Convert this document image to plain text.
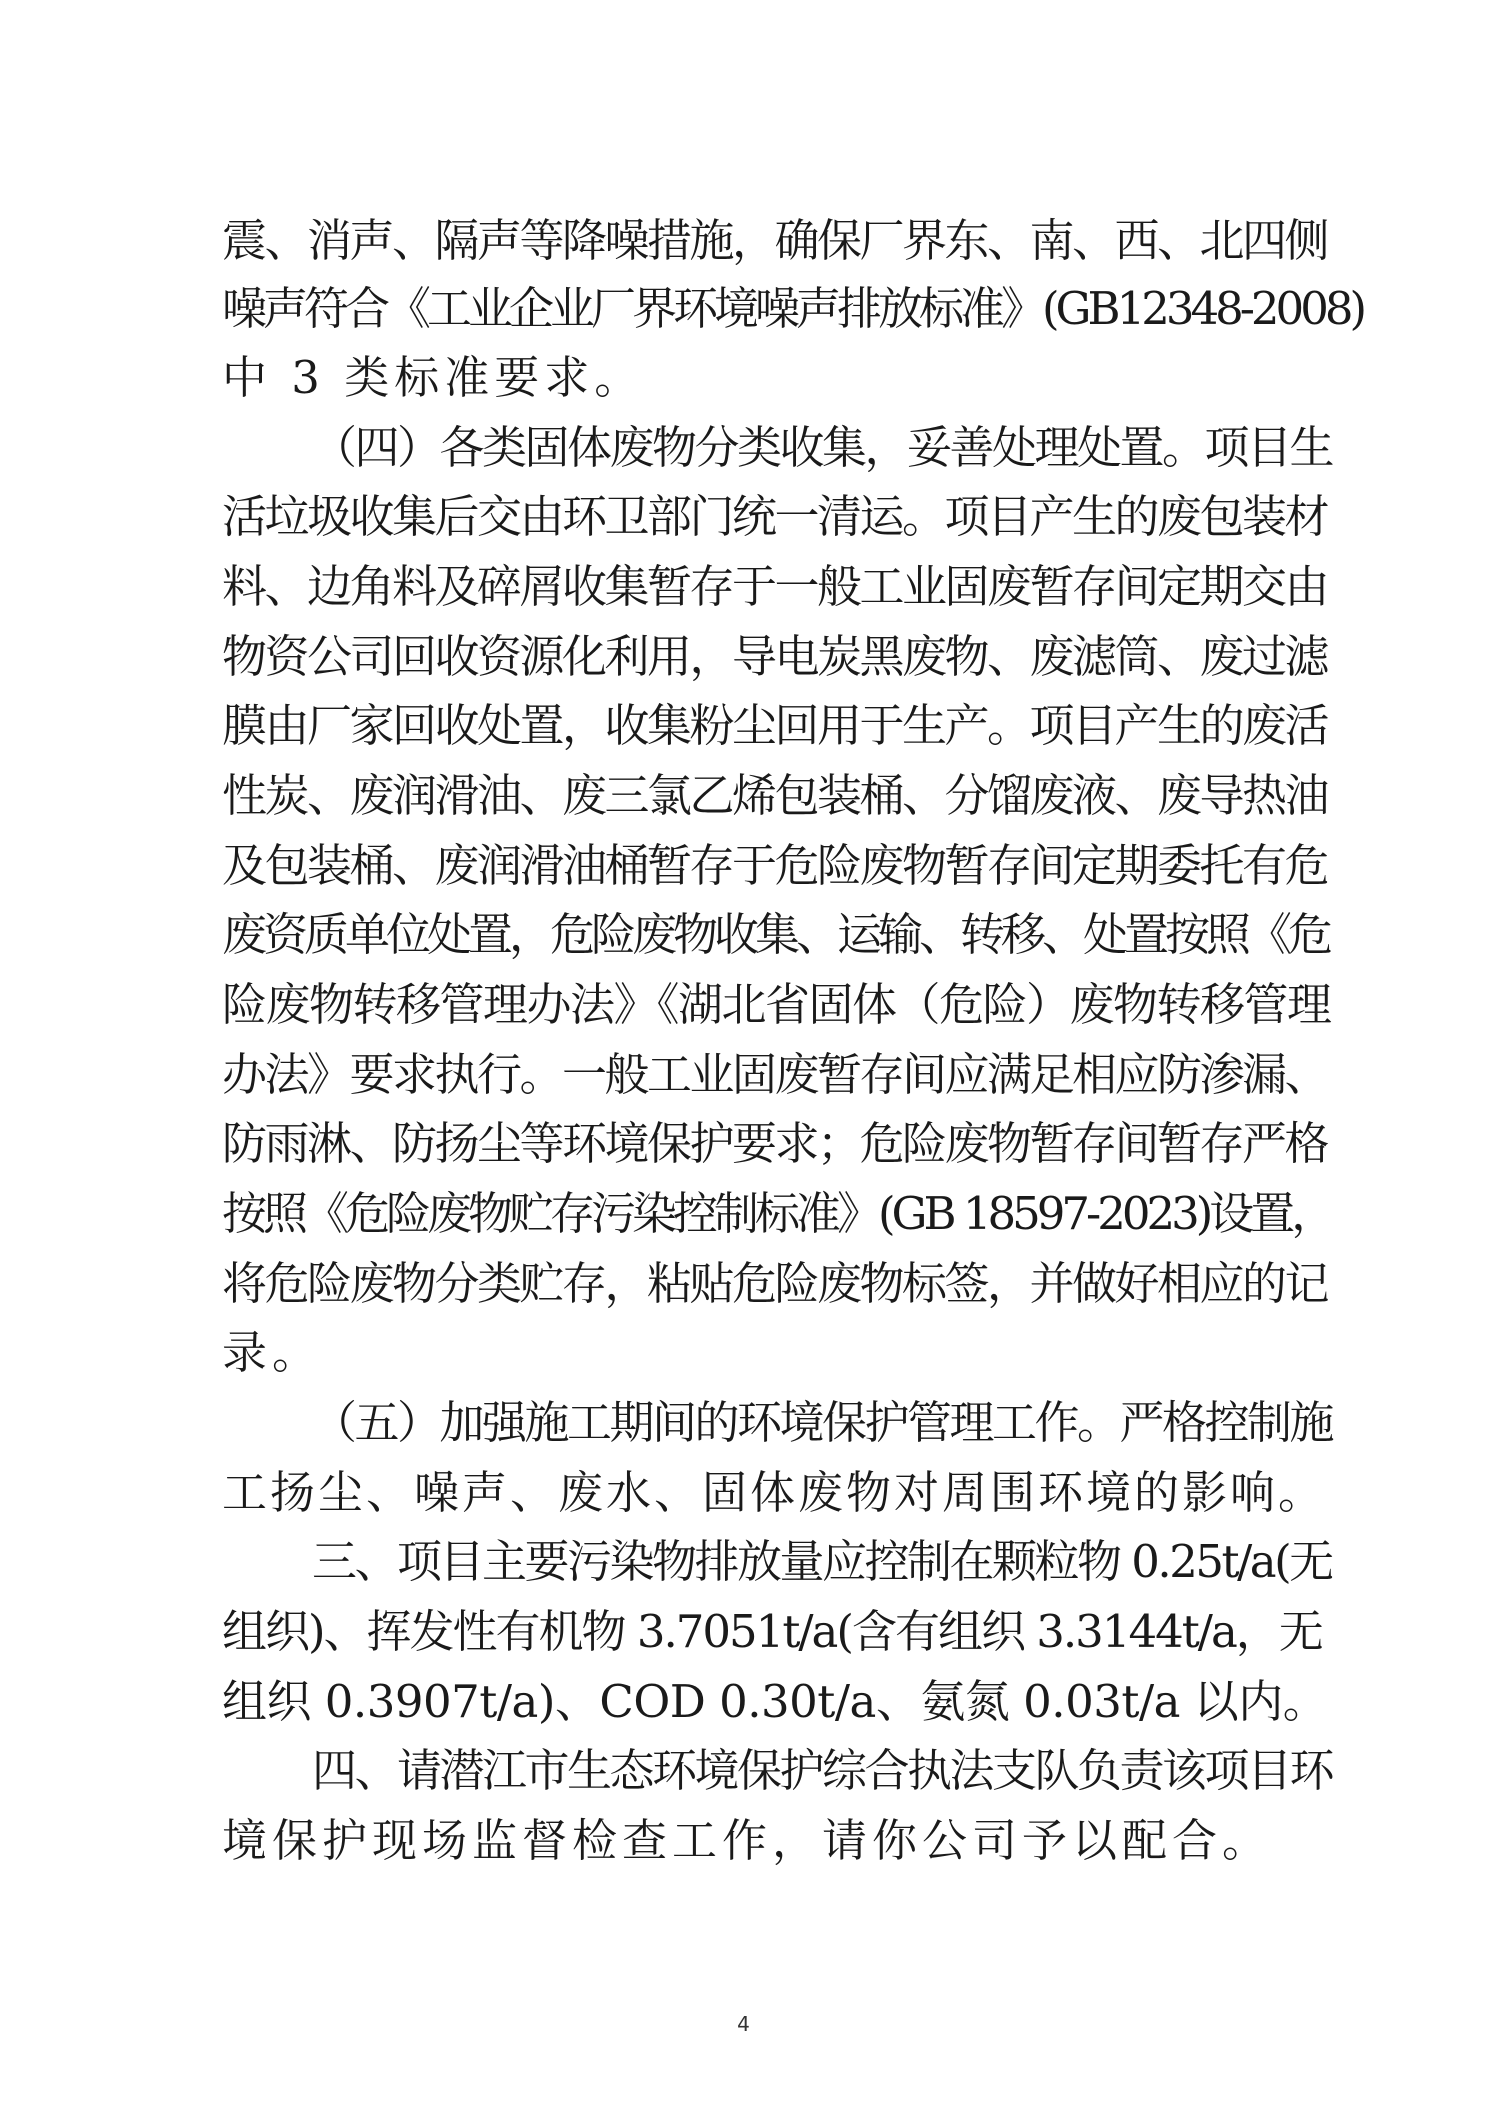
震、消声、隔声等降噪措施，确保厂界东、南、西、北四侧
噪声符合《工业企业厂界环境噪声排放标准》(GB12348-2008)
中 3 类标准要求。
（四）各类固体废物分类收集，妥善处理处置。项目生
活垃圾收集后交由环卫部门统一清运。项目产生的废包装材
料、边角料及碎屑收集暂存于一般工业固废暂存间定期交由
物资公司回收资源化利用，导电炭黑废物、废滤筒、废过滤
膜由厂家回收处置，收集粉尘回用于生产。项目产生的废活
性炭、废润滑油、废三氯乙烯包装桶、分馏废液、废导热油
及包装桶、废润滑油桶暂存于危险废物暂存间定期委托有危
废资质单位处置，危险废物收集、运输、转移、处置按照《危
险废物转移管理办法》《湖北省固体（危险）废物转移管理
办法》要求执行。一般工业固废暂存间应满足相应防渗漏、
防雨淋、防扬尘等环境保护要求；危险废物暂存间暂存严格
按照《危险废物贮存污染控制标准》(GB 18597-2023)设置，
将危险废物分类贮存，粘贴危险废物标签，并做好相应的记
录。
（五）加强施工期间的环境保护管理工作。严格控制施
工扬尘、噪声、废水、固体废物对周围环境的影响。
三、项目主要污染物排放量应控制在颗粒物 0.25t/a(无
组织)、挥发性有机物 3.7051t/a(含有组织 3.3144t/a，无
组织 0.3907t/a)、COD 0.30t/a、氨氮 0.03t/a 以内。
四、请潜江市生态环境保护综合执法支队负责该项目环
境保护现场监督检查工作，请你公司予以配合。
4
